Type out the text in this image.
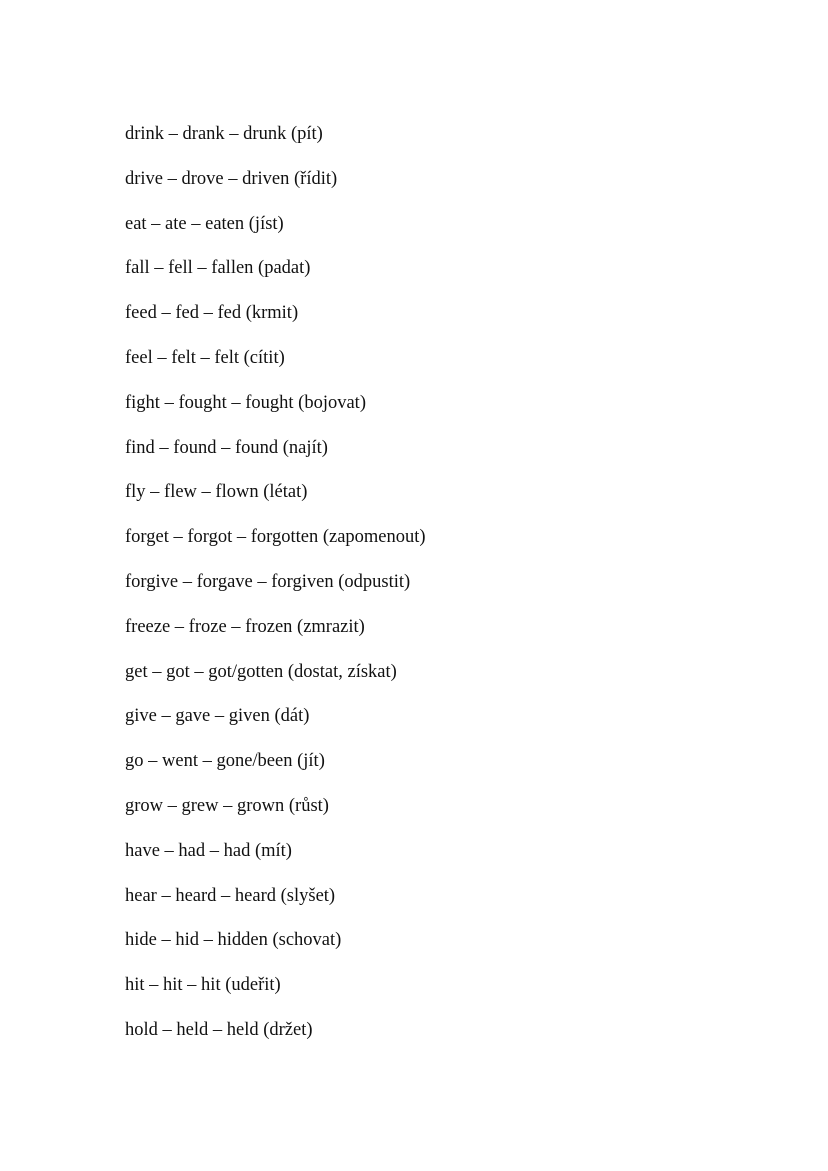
drink – drank – drunk (pít)
drive – drove – driven (řídit)
eat – ate – eaten (jíst)
fall – fell – fallen (padat)
feed – fed – fed (krmit)
feel – felt – felt (cítit)
fight – fought – fought (bojovat)
find – found – found (najít)
fly – flew – flown (létat)
forget – forgot – forgotten (zapomenout)
forgive – forgave – forgiven (odpustit)
freeze – froze – frozen (zmrazit)
get – got – got/gotten (dostat, získat)
give – gave – given (dát)
go – went – gone/been (jít)
grow – grew – grown (růst)
have – had – had (mít)
hear – heard – heard (slyšet)
hide – hid – hidden (schovat)
hit – hit – hit (udeřit)
hold – held – held (držet)
